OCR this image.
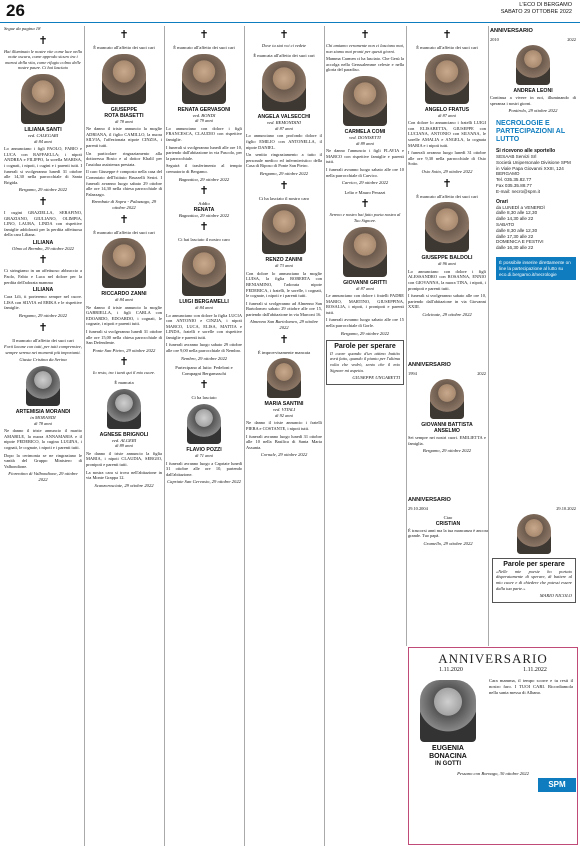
26	L'ECO DI BERGAMO
SABATO 29 OTTOBRE 2022
Segue da pagina 18
✝
Hai illuminato le nostre vite come luce nella notte oscura, come approdo sicuro tra i marosi della vita, come rifugio colmo delle nostre paure. Ci hai lasciato
LILIANA SANTI
ved. CALEGARI
di 84 anni
Lo annunciano i figli PAOLO, FABIO e LUCA con RAFFAELLA; i nipoti ANDREA e FILIPPO, la sorella MARISA, i cognati, i nipoti, i cugini e i parenti tutti. I funerali si svolgeranno lunedì 31 ottobre alle 14,30 nella parrocchiale di Santa Brigida.
Bergamo, 29 ottobre 2022
✝
I cugini GRAZIELLA, SERAFINO, GRAZIANO, GIULIANO, OLIMPIA, LINO, LAURA, LINDA con rispettive famiglie addolorati per la perdita affettuosa della cara Liliana.
LILIANA
Olmo al Brembo, 29 ottobre 2022
✝
Ci stringiamo in un affettuoso abbraccio a Paolo, Fabio e Luca nel dolore per la perdita dell'adorata mamma
LILIANA
Cara Lili, ti porteremo sempre nel cuore. LISA con SILVIA ed ERIKA e le rispettive famiglie.
Bergamo, 29 ottobre 2022
✝
Il mancato all'affetto dei suoi cari
Forti lacune con tutti, per tutti comprensive, sempre serena nei momenti più importanti.
Giusta Cristina da Serina
ARTEMISIA MORANDI
in MORANDI
di 78 anni
Ne danno il triste annuncio il marito AMABILE, la nuora ANNAMARIA e il nipote FEDERICO, la cugina LUGINA, i cognati, le cognate, i nipoti e i parenti tutti.
Dopo la cerimonia se ne ringraziano le vanità del Gruppo Ministero di Valbondione.
Fiorentino di Valbondione, 29 ottobre 2022
✝
È mancato all'affetto dei suoi cari
GIUSEPPE
ROTA BIASETTI
di 78 anni
Ne danno il triste annuncio la moglie ADRIANA, il figlio CAMILLO, la nuora SILVIA, l'affezionata nipote CINZIA, i parenti tutti.
Un particolare ringraziamento alla dottoressa Bosio e al dottor Khalil per l'assidua assistenza prestata.
Il caro Giuseppe è composto nella casa del Commiato dell'Istituto Bruzzelli Sestri. I funerali avranno luogo sabato 29 ottobre alle ore 14,30 nella chiesa parrocchiale di Palazzago.
Brembate di Sopra - Palazzago, 29 ottobre 2022
✝
È mancato all'affetto dei suoi cari
RICCARDO ZANNI
di 84 anni
Ne danno il triste annuncio la moglie GABRIELLA, i figli CARLA con EDOARDO, EDOARDO, i cognati, le cognate, i nipoti e parenti tutti.
I funerali si svolgeranno lunedì 31 ottobre alle ore 15,00 nella chiesa parrocchiale di San Defendente.
Ponte San Pietro, 29 ottobre 2022
✝
Io resto, tra i tanti qui il mio cuore.
È mancata
AGNESE BRIGNOLI
ved. ALGERI
di 89 anni
Ne danno il triste annuncio la figlia MARIA, i nipoti CLAUDIA, SERGIO, pronipoti e parenti tutti.
La nostra cara si trova nell'abitazione in via Monte Grappa 12.
Scanzorosciate, 29 ottobre 2022
✝
È mancato all'affetto dei suoi cari
RENATA GERVASONI
ved. BONDI
di 79 anni
Lo annunciano con dolore i figli FRANCESCA, CLAUDIO con rispettive famiglie.
I funerali si svolgeranno lunedì alle ore 10, partendo dall'abitazione in via Pascolo, per la parrocchiale.
Seguirà il trasferimento al tempio crematorio di Bergamo.
Bagnatica, 29 ottobre 2022
✝
Addio
RENATA
Bagnatica, 29 ottobre 2022
✝
Ci hai lasciato il nostro caro
LUIGI BERGAMELLI
di 84 anni
Lo annunciano con dolore la figlia LUCIA con ANTONIO e CINZIA, i nipoti MARCO, LUCA, ELISA, MATTIA e LINDA, fratelli e sorelle con rispettive famiglie e parenti tutti.
I funerali avranno luogo sabato 29 ottobre alle ore 9,00 nella parrocchiale di Nembro.
Nembro, 29 ottobre 2022
Partecipano al lutto: Fedeloni e Compagni Bergamaschi
✝
Ci ha lasciato
FLAVIO POZZI
di 71 anni
I funerali avranno luogo a Capriate lunedì 31 ottobre alle ore 10, partendo dall'abitazione.
Capriate San Gervasio, 29 ottobre 2022
✝
Dove tu stai voi ci vedete
È mancata all'affetto dei suoi cari
ANGELA VALSECCHI
ved. REMONDINI
di 87 anni
Lo annunciano con profondo dolore il figlio EMILIO con ANTONELLA, il nipote DANIEL.
Un sentito ringraziamento a tutto il personale medico ed infermieristico della Casa di Riposo di Ponte San Pietro.
Bergamo, 29 ottobre 2022
✝
Ci ha lasciato il nostro caro
RENZO ZANINI
di 73 anni
Con dolore lo annunciano la moglie LUISA, la figlia ROBERTA con BENIAMINO, l'adorata nipote FEDERICA, i fratelli, le sorelle, i cognati, le cognate, i nipoti e i parenti tutti.
I funerali si svolgeranno ad Almenno San Bartolomeo sabato 29 ottobre alle ore 15, partendo dall'abitazione in via Marconi 16.
Almenno San Bartolomeo, 29 ottobre 2022
✝
È improvvisamente mancata
MARIA SANTINI
ved. VITALI
di 92 anni
Ne danno il triste annuncio i fratelli PIERA e COSTANTE, i nipoti tutti.
I funerali avranno luogo lunedì 31 ottobre alle 10 nella Basilica di Santa Maria Assunta.
Cornale, 29 ottobre 2022
✝
Chi amiamo veramente non ci lasciano mai, non siamo mai pronti per questi giorni.
Mamma Carmen ci ha lasciato. Che Gesù la accolga nella Gerusalemme celeste e nella gloria del paradiso.
CARMELA COMI
ved. DONISETTI
di 89 anni
Ne danno l'annuncio i figli FLAVIA e MARCO con rispettive famiglie e parenti tutti.
I funerali avranno luogo sabato alle ore 10 nella parrocchiale di Carvico.
Carvico, 29 ottobre 2022
Lelio e Mauro Perazzi
✝
Sereno e nostro hai fatto poeta nostra al Tuo Signore.
GIOVANNI GRITTI
di 87 anni
Le annunciano con dolore i fratelli PADRE MARIO, MARTINO, GIUSEPPINA, ROSALIA, i nipoti, i pronipoti e parenti tutti.
I funerali avranno luogo sabato alle ore 15 nella parrocchiale di Gorle.
Bergamo, 29 ottobre 2022
Parole per sperare
Il cuore quando d'un attimo battito avrà fatto, quando il pianto per l'ultima volta che vedrò, sento che il mio Signore mi aspetta.
GIUSEPPE UNGARETTI
✝
È mancato all'affetto dei suoi cari
ANGELO FRATUS
di 87 anni
Con dolore lo annunciano i fratelli LUIGI con ELISABETTA, GIUSEPPE con LUCIANA, ANTONIO con SILVANA, le sorelle AMALIA e ANGELA, la cognata MARIA e i nipoti tutti.
I funerali avranno luogo lunedì 31 ottobre alle ore 9,30 nella parrocchiale di Osio Sotto.
Osio Sotto, 29 ottobre 2022
✝
È mancato all'affetto dei suoi cari
GIUSEPPE BALDOLI
di 96 anni
Lo annunciano con dolore i figli ALESSANDRO con ROSANNA, ENNIO con GIOVANNA, la nuora TINA, i nipoti, i pronipoti e parenti tutti.
I funerali si svolgeranno sabato alle ore 10, partendo dall'abitazione in via Giovanni XXIII.
Calcinate, 29 ottobre 2022
ANNIVERSARIO
2010	2022
ANDREA LEONI
Continua a vivere in noi, illuminando di speranza i nostri giorni.
Pontirolo, 29 ottobre 2022
NECROLOGIE E PARTECIPAZIONI AL LUTTO
Si ricevono alle sportello
SESAAB Servizi Srl
Società Unipersonale Divisione SPM
in Viale Papa Giovanni XXIII, 124
BERGAMO
Tel. 035.35.82.77
Fax 035.35.88.77
E-mail: necro@spm.it
Orari
da LUNEDÌ a VENERDÌ
dalle 8,30 alle 12,30
dalle 14,30 alle 22
SABATO
dalle 8,30 alle 12,30
dalle 17,30 alle 22
DOMENICA E FESTIVI
dalle 16,30 alle 22
È possibile inserire direttamente on line la partecipazione al lutto su eco.di.bergamo.it/necrologie
ANNIVERSARIO
1994	2022
GIOVANNI BATTISTA ANSELMO
Sei sempre nei nostri cuori. EMILIETTA e famiglia.
Bergamo, 29 ottobre 2022
ANNIVERSARIO
29.10.2004	29.10.2022
Ciao
CRISTIAN
È trascorsi anni ma la tua mancanza è ancora grande. Tuo papà.
Grumello, 29 ottobre 2022
Parole per sperare
«Nelle mie poesie ho portato disperatamente di sperare, di battere al mio cuore e di chiedere che potessi essere dalla tua parte.»
MARIO NICOLO
ANNIVERSARIO
1.11.2020	1.11.2022
EUGENIA BONACINA
IN GOTTI
Cara mamma, il tempo scorre e tu resti il nostro faro. I TUOI CARI. Ricordiamola nella santa messa di Albano.
Pessano con Bornago, 30 ottobre 2022
SPM
